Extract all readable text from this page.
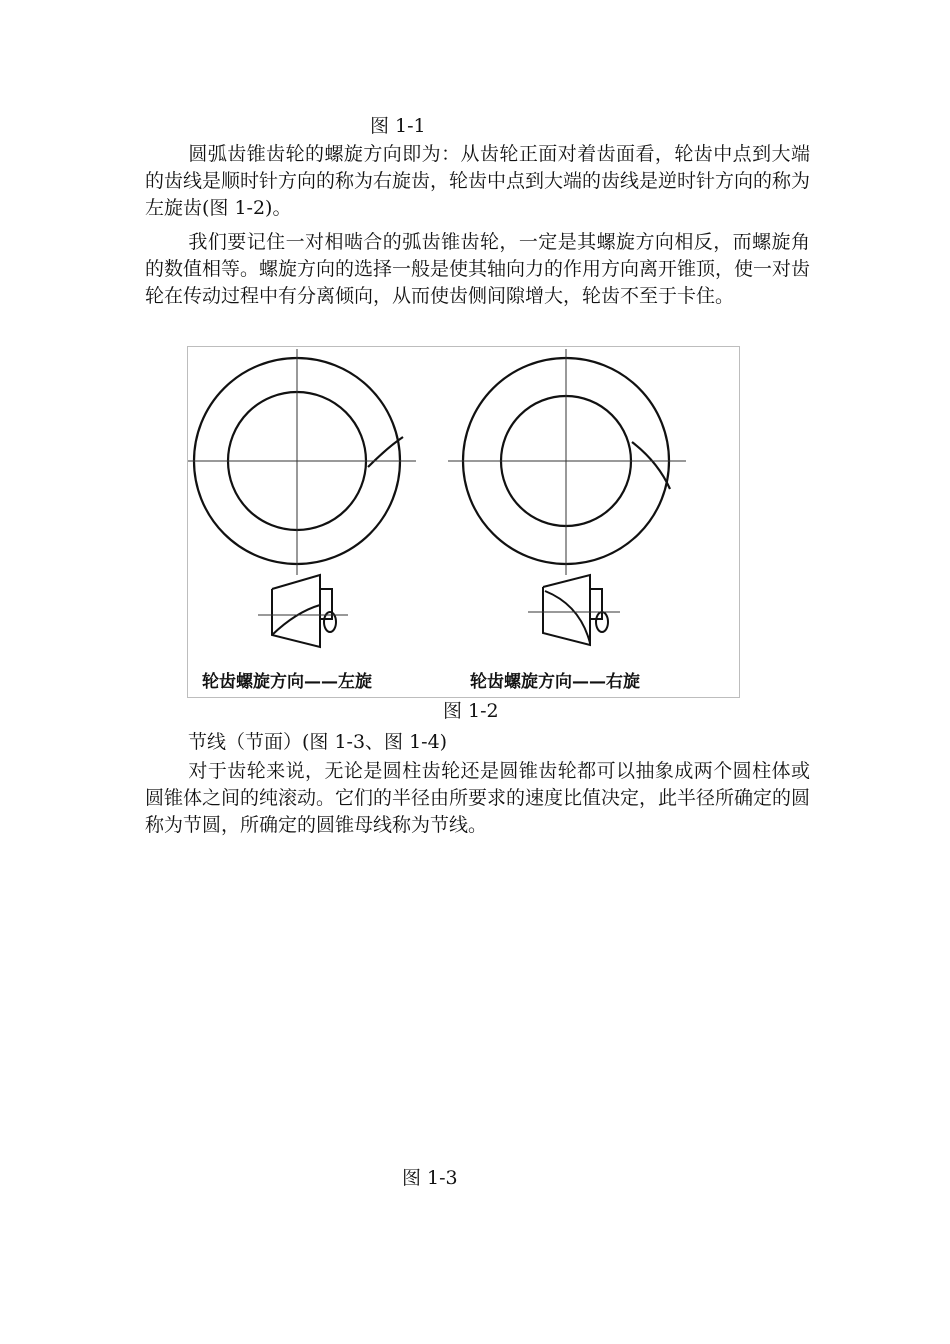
图 1-1

圆弧齿锥齿轮的螺旋方向即为：从齿轮正面对着齿面看，轮齿中点到大端的齿线是顺时针方向的称为右旋齿，轮齿中点到大端的齿线是逆时针方向的称为左旋齿(图 1-2)。

我们要记住一对相啮合的弧齿锥齿轮，一定是其螺旋方向相反，而螺旋角的数值相等。螺旋方向的选择一般是使其轴向力的作用方向离开锥顶，使一对齿轮在传动过程中有分离倾向，从而使齿侧间隙增大，轮齿不至于卡住。

轮齿螺旋方向——左旋	轮齿螺旋方向——右旋
图 1-2

节线（节面）(图 1-3、图 1-4)

对于齿轮来说，无论是圆柱齿轮还是圆锥齿轮都可以抽象成两个圆柱体或圆锥体之间的纯滚动。它们的半径由所要求的速度比值决定，此半径所确定的圆称为节圆，所确定的圆锥母线称为节线。

图 1-3
